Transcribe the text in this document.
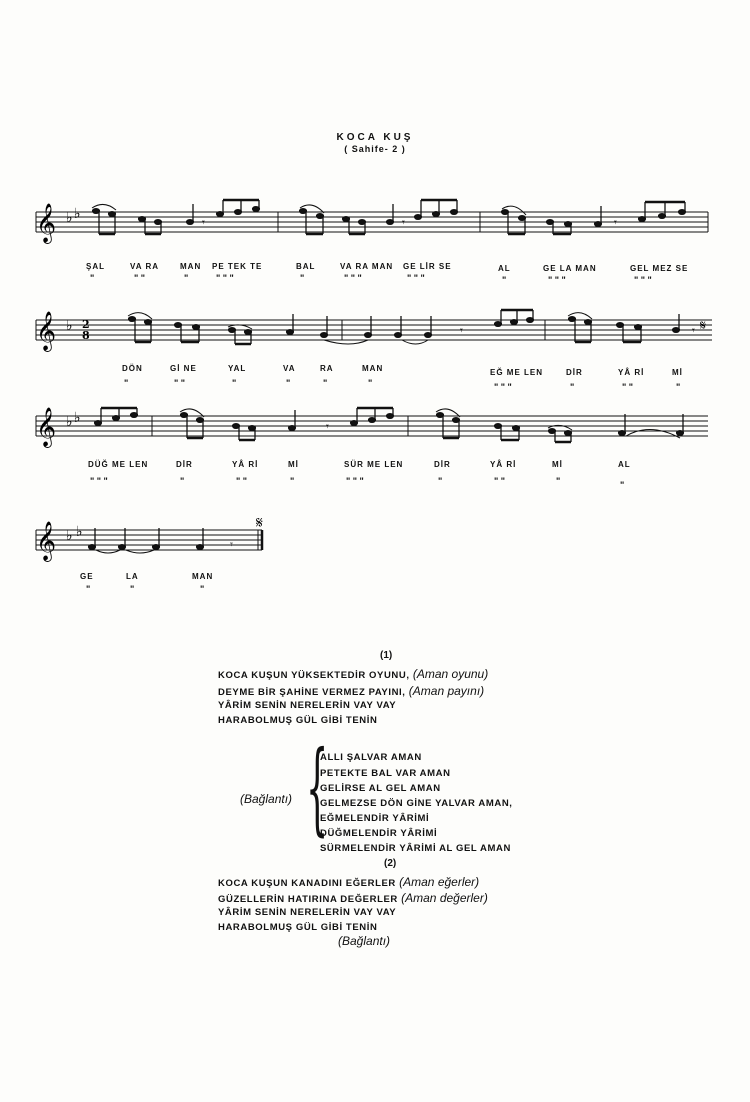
KOCA KUŞ
( Sahife- 2 )
𝄞 ♭ ♭
𝄾	𝄾	𝄾
ŞAL	VA RA	MAN PE TEK TE	BAL	VA RA MAN GE LİR SE	AL	GE LA MAN	GEL MEZ SE
"	" "	"	" " "	"	" " "	" " "	"	" " "	" " "
𝄞 ♭ 2
8	𝄾	𝄾 𝄋
DÖN	Gİ NE	YAL	VA	RA	MAN	EĞ ME LEN	DİR	YÂ Rİ	Mİ
"	" "	"	"	"	"	" " "	"	" "	"
𝄞 ♭ ♭
𝄾
DÜĞ ME LEN	DİR	YÂ Rİ	Mİ	SÜR ME LEN	DİR	YÂ Rİ	Mİ	AL
" " "	"	" "	"	" " "	"	" "	"	"
𝄞 ♭ ♭
𝄾
𝄋
GE	LA	MAN
"	"	"
(1)
KOCA KUŞUN YÜKSEKTEDİR OYUNU, (Aman oyunu)
DEYME BİR ŞAHİNE VERMEZ PAYINI, (Aman payını)
YÂRİM SENİN NERELERİN VAY VAY
HARABOLMUŞ GÜL GİBİ TENİN
(Bağlantı) {
ALLI ŞALVAR AMAN
PETEKTE BAL VAR AMAN
GELİRSE AL GEL AMAN
GELMEZSE DÖN GİNE YALVAR AMAN,
EĞMELENDİR YÂRİMİ
DÜĞMELENDİR YÂRİMİ
SÜRMELENDİR YÂRİMİ AL GEL AMAN
(2)
KOCA KUŞUN KANADINI EĞERLER (Aman eğerler)
GÜZELLERİN HATIRINA DEĞERLER (Aman değerler)
YÂRİM SENİN NERELERİN VAY VAY
HARABOLMUŞ GÜL GİBİ TENİN
(Bağlantı)
